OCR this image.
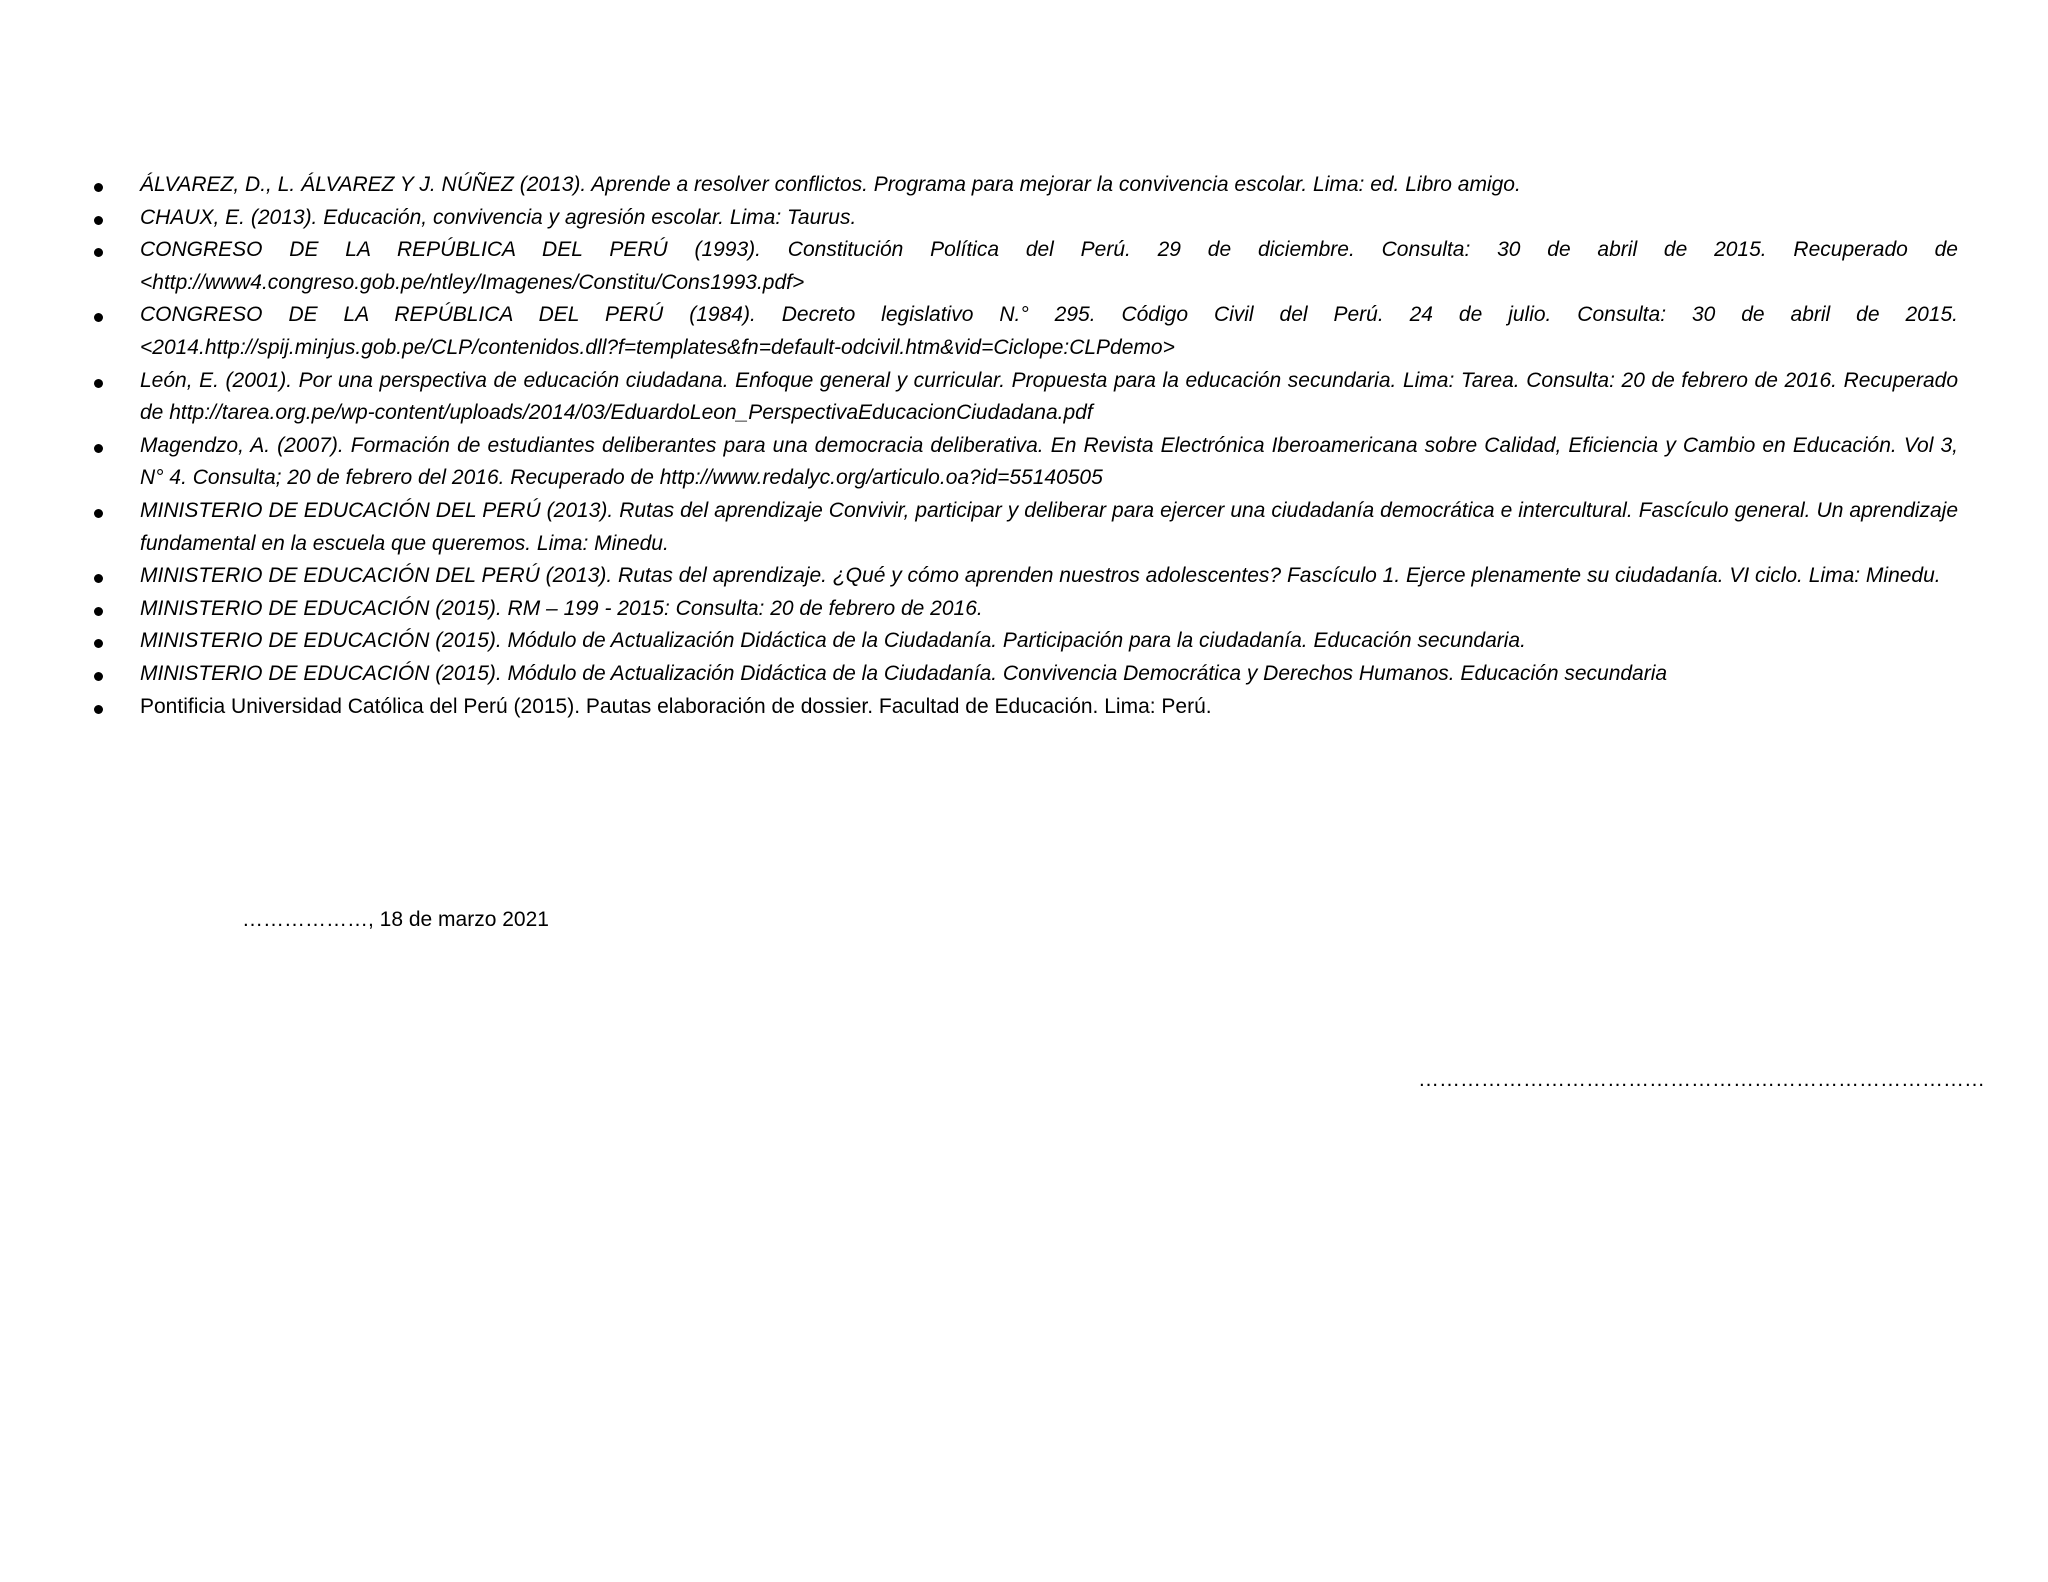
ÁLVAREZ, D., L. ÁLVAREZ Y J. NÚÑEZ (2013). Aprende a resolver conflictos. Programa para mejorar la convivencia escolar. Lima: ed. Libro amigo.
CHAUX, E. (2013). Educación, convivencia y agresión escolar. Lima: Taurus.
CONGRESO DE LA REPÚBLICA DEL PERÚ (1993). Constitución Política del Perú. 29 de diciembre. Consulta: 30 de abril de 2015. Recuperado de <http://www4.congreso.gob.pe/ntley/Imagenes/Constitu/Cons1993.pdf>
CONGRESO DE LA REPÚBLICA DEL PERÚ (1984). Decreto legislativo N.° 295. Código Civil del Perú. 24 de julio. Consulta: 30 de abril de 2015. <2014.http://spij.minjus.gob.pe/CLP/contenidos.dll?f=templates&fn=default-odcivil.htm&vid=Ciclope:CLPdemo>
León, E. (2001). Por una perspectiva de educación ciudadana. Enfoque general y curricular. Propuesta para la educación secundaria. Lima: Tarea. Consulta: 20 de febrero de 2016. Recuperado de http://tarea.org.pe/wp-content/uploads/2014/03/EduardoLeon_PerspectivaEducacionCiudadana.pdf
Magendzo, A. (2007). Formación de estudiantes deliberantes para una democracia deliberativa. En Revista Electrónica Iberoamericana sobre Calidad, Eficiencia y Cambio en Educación. Vol 3, N° 4. Consulta; 20 de febrero del 2016. Recuperado de http://www.redalyc.org/articulo.oa?id=55140505
MINISTERIO DE EDUCACIÓN DEL PERÚ (2013). Rutas del aprendizaje Convivir, participar y deliberar para ejercer una ciudadanía democrática e intercultural. Fascículo general. Un aprendizaje fundamental en la escuela que queremos. Lima: Minedu.
MINISTERIO DE EDUCACIÓN DEL PERÚ (2013). Rutas del aprendizaje. ¿Qué y cómo aprenden nuestros adolescentes? Fascículo 1. Ejerce plenamente su ciudadanía. VI ciclo. Lima: Minedu.
MINISTERIO DE EDUCACIÓN (2015). RM – 199 - 2015: Consulta: 20 de febrero de 2016.
MINISTERIO DE EDUCACIÓN (2015). Módulo de Actualización Didáctica de la Ciudadanía. Participación para la ciudadanía. Educación secundaria.
MINISTERIO DE EDUCACIÓN (2015). Módulo de Actualización Didáctica de la Ciudadanía. Convivencia Democrática y Derechos Humanos. Educación secundaria
Pontificia Universidad Católica del Perú (2015). Pautas elaboración de dossier. Facultad de Educación. Lima: Perú.
………………, 18 de marzo 2021
………………………………………………………………………
